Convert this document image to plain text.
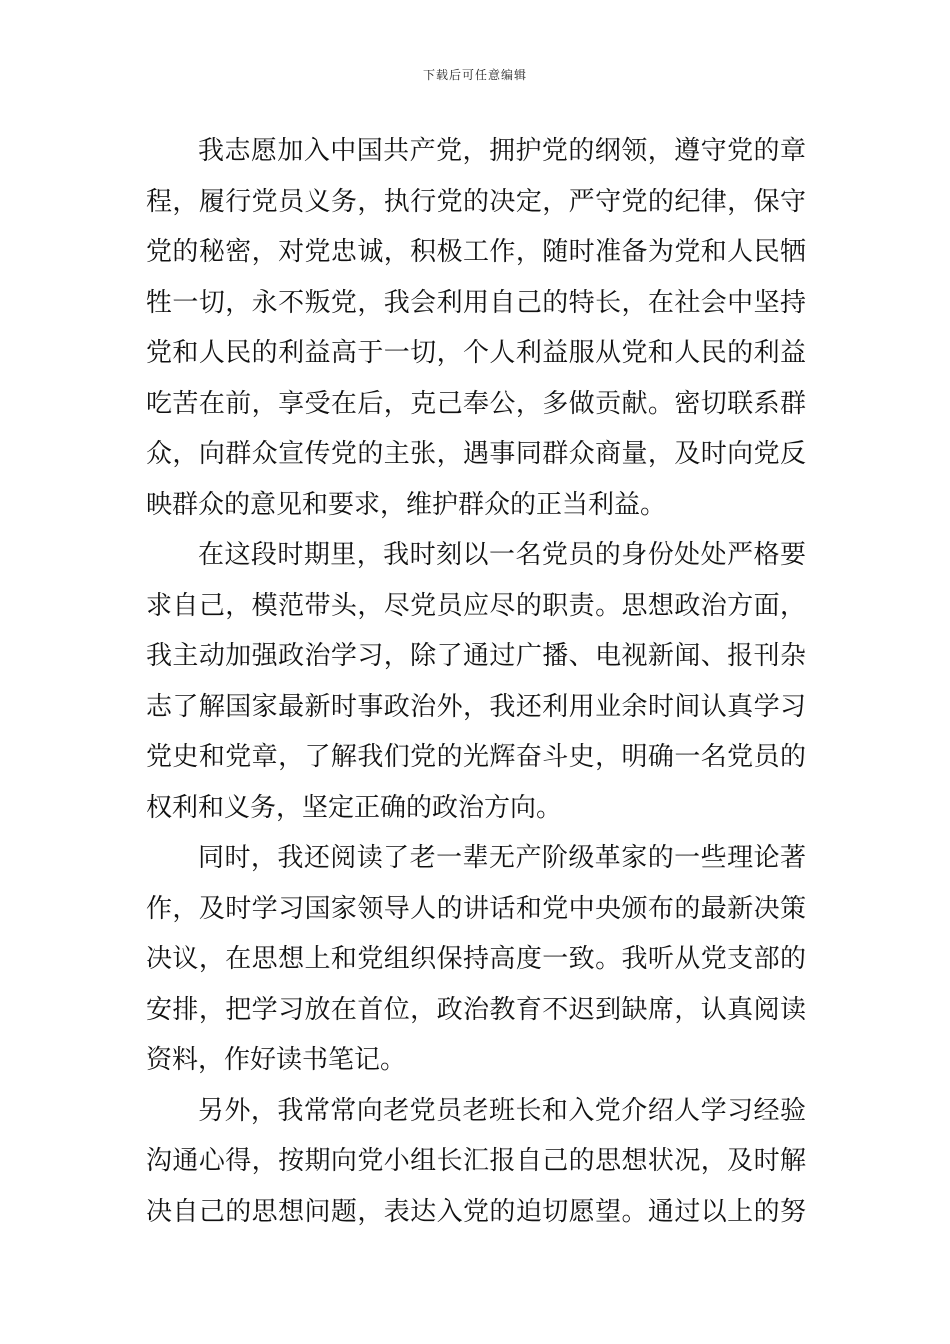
下载后可任意编辑
我志愿加入中国共产党，拥护党的纲领，遵守党的章
程，履行党员义务，执行党的决定，严守党的纪律，保守
党的秘密，对党忠诚，积极工作，随时准备为党和人民牺
牲一切，永不叛党，我会利用自己的特长，在社会中坚持
党和人民的利益高于一切，个人利益服从党和人民的利益
吃苦在前，享受在后，克己奉公，多做贡献。密切联系群
众，向群众宣传党的主张，遇事同群众商量，及时向党反
映群众的意见和要求，维护群众的正当利益。
在这段时期里，我时刻以一名党员的身份处处严格要
求自己，模范带头，尽党员应尽的职责。思想政治方面，
我主动加强政治学习，除了通过广播、电视新闻、报刊杂
志了解国家最新时事政治外，我还利用业余时间认真学习
党史和党章，了解我们党的光辉奋斗史，明确一名党员的
权利和义务，坚定正确的政治方向。
同时，我还阅读了老一辈无产阶级革家的一些理论著
作，及时学习国家领导人的讲话和党中央颁布的最新决策
决议，在思想上和党组织保持高度一致。我听从党支部的
安排，把学习放在首位，政治教育不迟到缺席，认真阅读
资料，作好读书笔记。
另外，我常常向老党员老班长和入党介绍人学习经验
沟通心得，按期向党小组长汇报自己的思想状况，及时解
决自己的思想问题，表达入党的迫切愿望。通过以上的努
